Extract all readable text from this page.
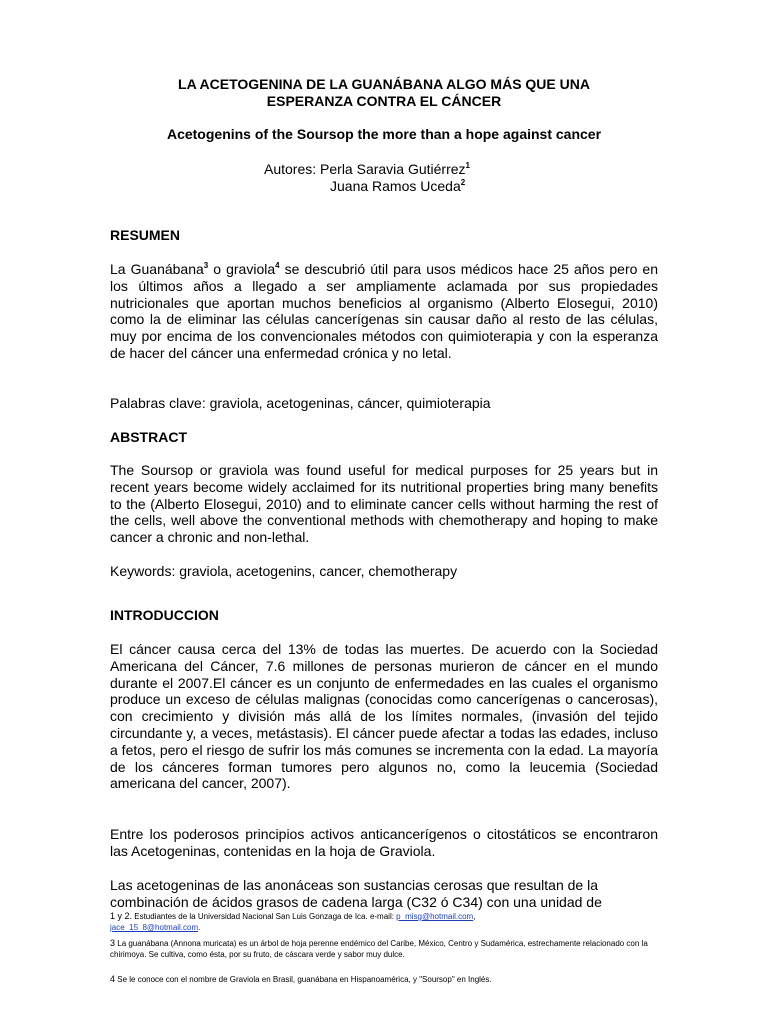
LA ACETOGENINA DE LA GUANÁBANA ALGO MÁS QUE UNA
ESPERANZA CONTRA EL CÁNCER
Acetogenins of the Soursop the more than a hope against cancer
Autores: Perla Saravia Gutiérrez$^1$
Juana Ramos Uceda$^2$
RESUMEN

La Guanábana$^3$ o graviola$^4$ se descubrió útil para usos médicos hace 25 años pero en los últimos años a llegado a ser ampliamente aclamada por sus propiedades nutricionales que aportan muchos beneficios al organismo (Alberto Elosegui, 2010) como la de eliminar las células cancerígenas sin causar daño al resto de las células, muy por encima de los convencionales métodos con quimioterapia y con la esperanza de hacer del cáncer una enfermedad crónica y no letal.

Palabras clave: graviola, acetogeninas, cáncer, quimioterapia

ABSTRACT

The Soursop or graviola was found useful for medical purposes for 25 years but in recent years become widely acclaimed for its nutritional properties bring many benefits to the (Alberto Elosegui, 2010) and to eliminate cancer cells without harming the rest of the cells, well above the conventional methods with chemotherapy and hoping to make cancer a chronic and non-lethal.

Keywords: graviola, acetogenins, cancer, chemotherapy

INTRODUCCION

El cáncer causa cerca del 13% de todas las muertes. De acuerdo con la Sociedad Americana del Cáncer, 7.6 millones de personas murieron de cáncer en el mundo durante el 2007.El cáncer es un conjunto de enfermedades en las cuales el organismo produce un exceso de células malignas (conocidas como cancerígenas o cancerosas), con crecimiento y división más allá de los límites normales, (invasión del tejido circundante y, a veces, metástasis). El cáncer puede afectar a todas las edades, incluso a fetos, pero el riesgo de sufrir los más comunes se incrementa con la edad. La mayoría de los cánceres forman tumores pero algunos no, como la leucemia (Sociedad americana del cancer, 2007).

Entre los poderosos principios activos anticancerígenos o citostáticos se encontraron las Acetogeninas, contenidas en la hoja de Graviola.

Las acetogeninas de las anonáceas son sustancias cerosas que resultan de la
combinación de ácidos grasos de cadena larga (C32 ó C34) con una unidad de

1 y 2. Estudiantes de la Universidad Nacional San Luis Gonzaga de Ica. e-mail: p_misg@hotmail.com,
jace_15_8@hotmail.com.
3 La guanábana (Annona muricata) es un árbol de hoja perenne endémico del Caribe, México, Centro y Sudamérica, estrechamente relacionado con la chirimoya. Se cultiva, como ésta, por su fruto, de cáscara verde y sabor muy dulce.
4 Se le conoce con el nombre de Graviola en Brasil, guanábana en Hispanoamérica, y "Soursop" en Inglés.
